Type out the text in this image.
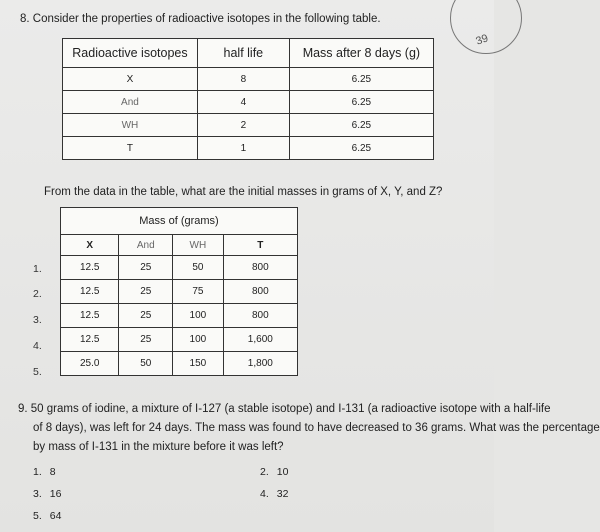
39
8. Consider the properties of radioactive isotopes in the following table.
Radioactive isotopes	half life	Mass after 8 days (g)
X	8	6.25
And	4	6.25
WH	2	6.25
T	1	6.25
From the data in the table, what are the initial masses in grams of X, Y, and Z?
Mass of (grams)			
X	And	WH	T
12.5	25	50	800
12.5	25	75	800
12.5	25	100	800
12.5	25	100	1,600
25.0	50	150	1,800
1.
2.
3.
4.
5.
9. 50 grams of iodine, a mixture of I-127 (a stable isotope) and I-131 (a radioactive isotope with a half-life
of 8 days), was left for 24 days. The mass was found to have decreased to 36 grams. What was the percentage
by mass of I-131 in the mixture before it was left?
1. 8	2. 10
3. 16	4. 32
5. 64
